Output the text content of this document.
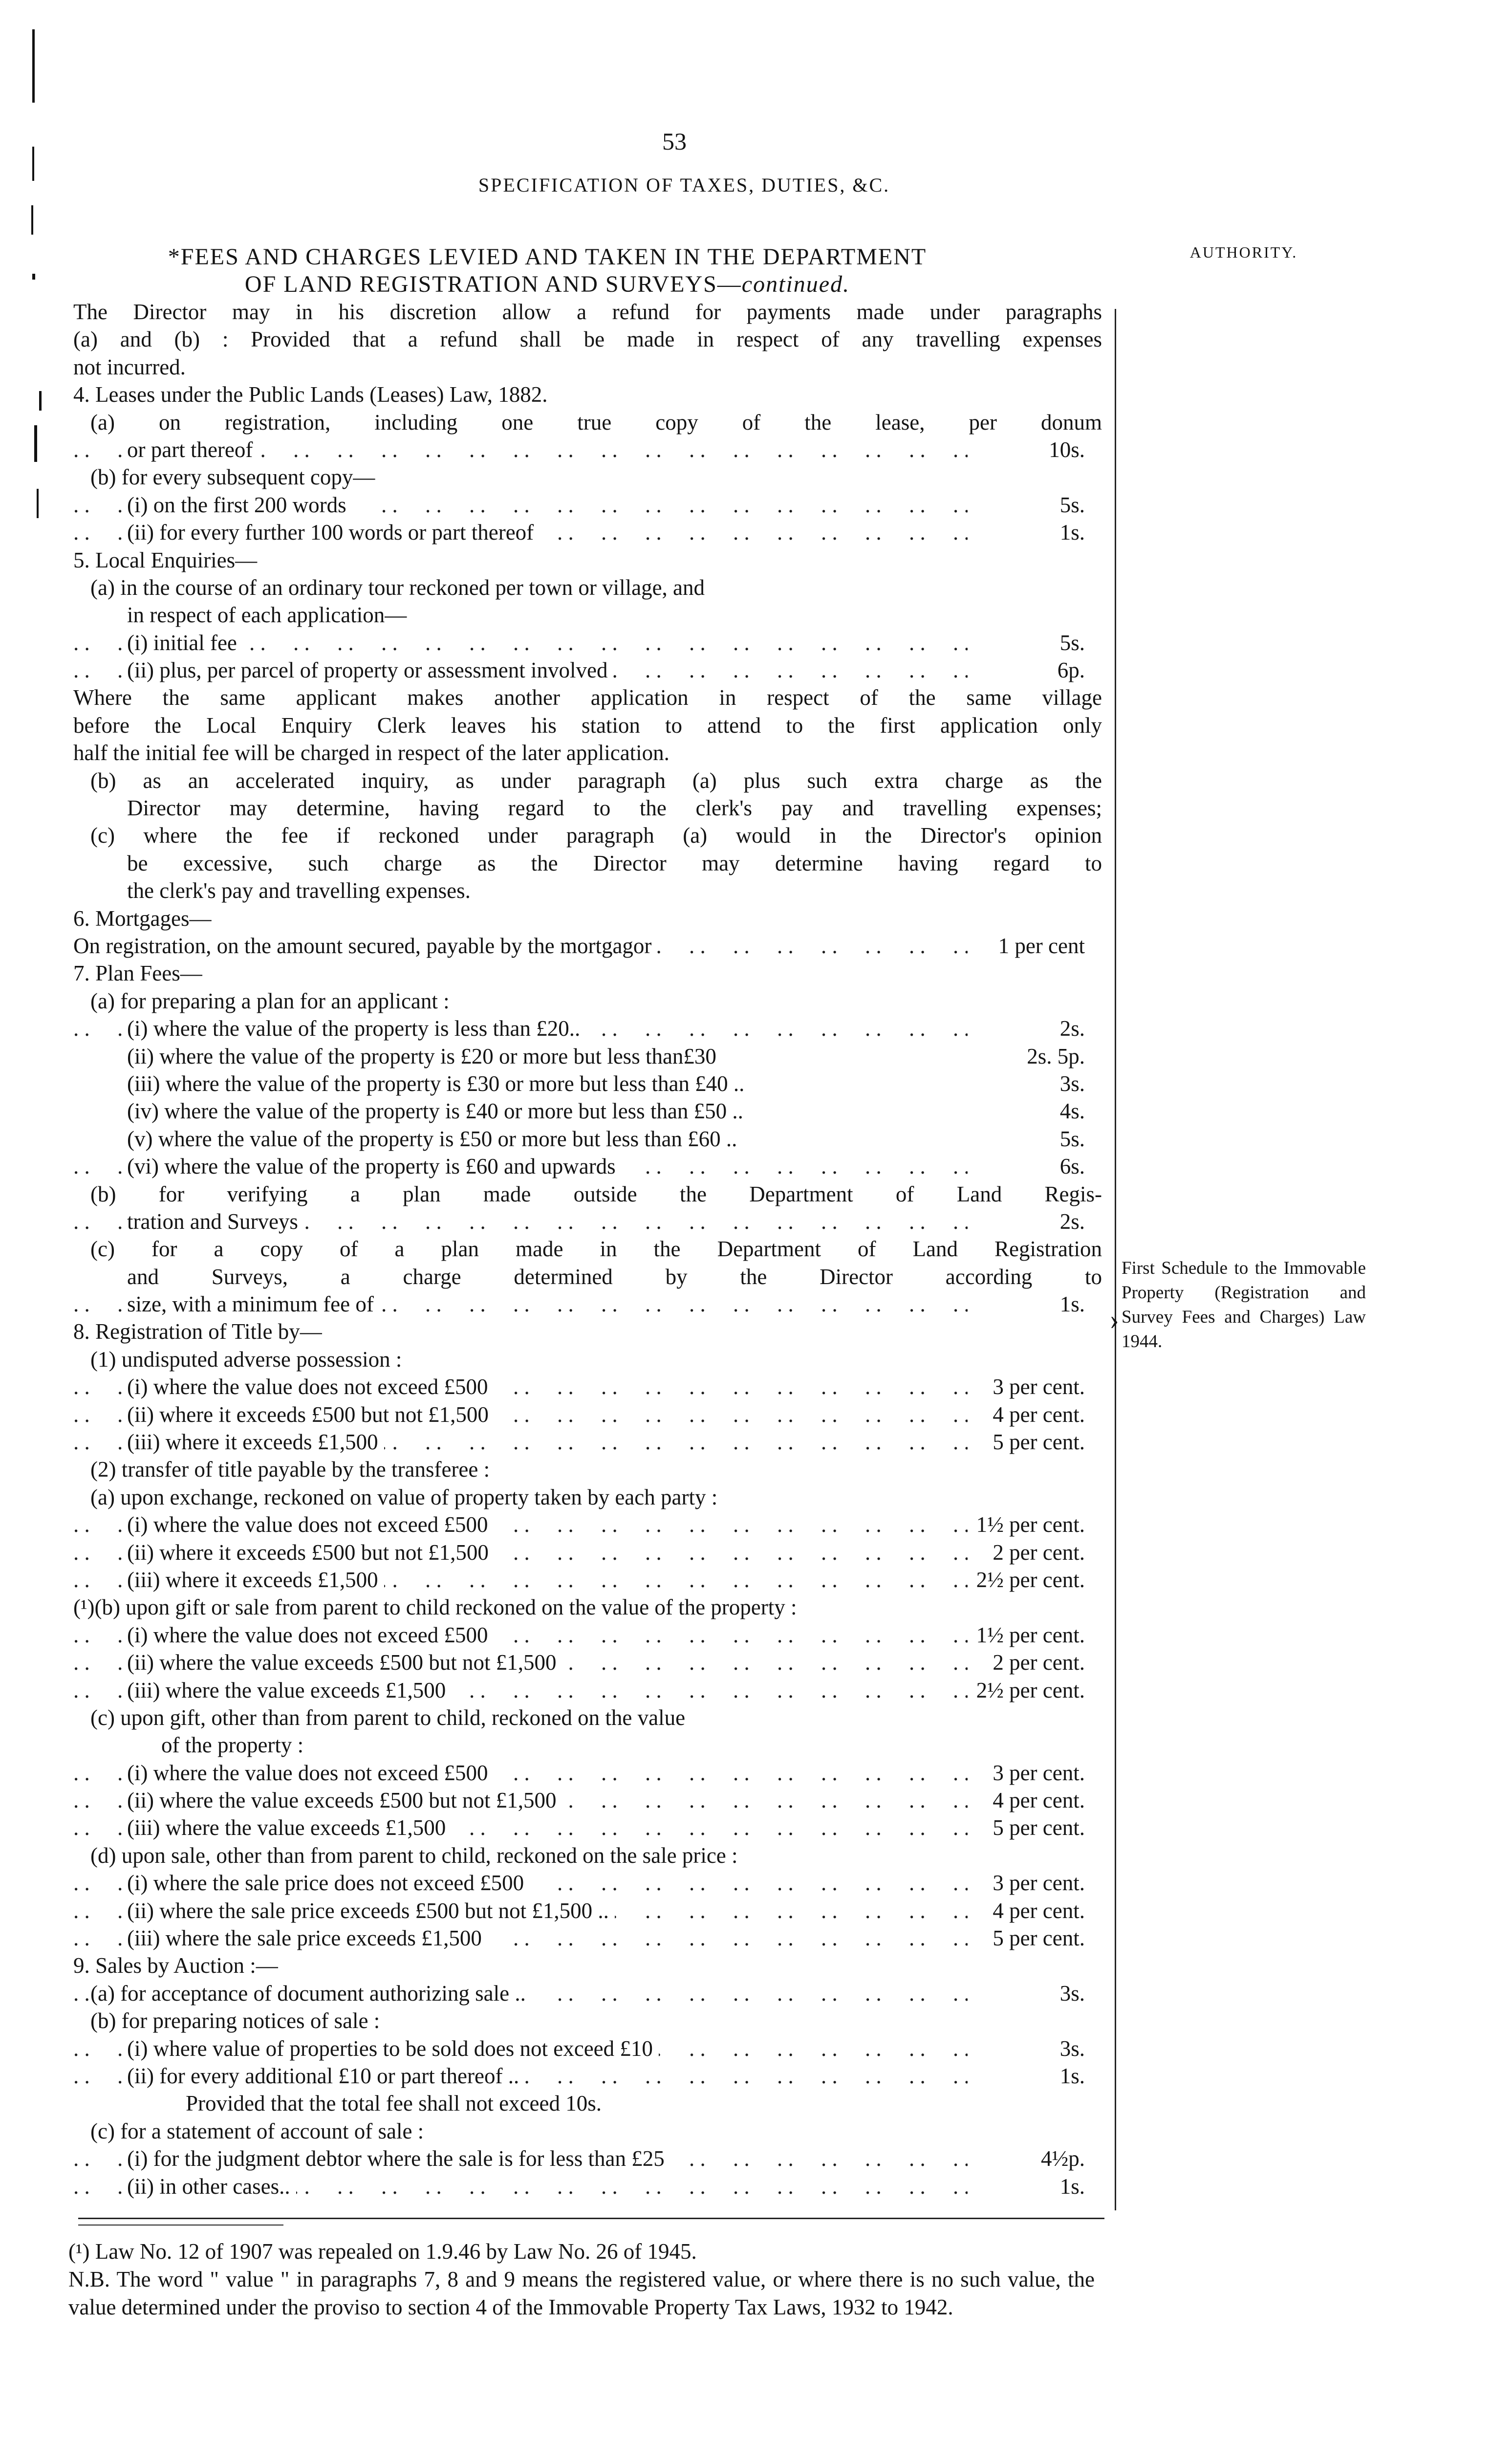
53
SPECIFICATION OF TAXES, DUTIES, &C.
*FEES AND CHARGES LEVIED AND TAKEN IN THE DEPARTMENT
OF LAND REGISTRATION AND SURVEYS—continued.
AUTHORITY.
The Director may in his discretion allow a refund for payments made under paragraphs
(a) and (b) : Provided that a refund shall be made in respect of any travelling expenses
not incurred.
4. Leases under the Public Lands (Leases) Law, 1882.
(a) on registration, including one true copy of the lease, per donum
. .
or part thereof	10s.
(b) for every subsequent copy—
. .
(i) on the first 200 words	5s.
. .
(ii) for every further 100 words or part thereof	1s.
5. Local Enquiries—
(a) in the course of an ordinary tour reckoned per town or village, and
in respect of each application—
. .
(i) initial fee	5s.
. .
(ii) plus, per parcel of property or assessment involved	6p.
Where the same applicant makes another application in respect of the same village
before the Local Enquiry Clerk leaves his station to attend to the first application only
half the initial fee will be charged in respect of the later application.
(b) as an accelerated inquiry, as under paragraph (a) plus such extra charge as the
Director may determine, having regard to the clerk's pay and travelling expenses;
(c) where the fee if reckoned under paragraph (a) would in the Director's opinion
be excessive, such charge as the Director may determine having regard to
the clerk's pay and travelling expenses.
6. Mortgages—
. .
On registration, on the amount secured, payable by the mortgagor	1 per cent
7. Plan Fees—
(a) for preparing a plan for an applicant :
. .
(i) where the value of the property is less than £20..	2s.
(ii) where the value of the property is £20 or more but less than£30	2s. 5p.
(iii) where the value of the property is £30 or more but less than £40 ..	3s.
(iv) where the value of the property is £40 or more but less than £50 ..	4s.
(v) where the value of the property is £50 or more but less than £60 ..	5s.
. .
(vi) where the value of the property is £60 and upwards	6s.
(b) for verifying a plan made outside the Department of Land Regis-
. .
tration and Surveys	2s.
(c) for a copy of a plan made in the Department of Land Registration
and Surveys, a charge determined by the Director according to
. .
size, with a minimum fee of	1s.
8. Registration of Title by—
(1) undisputed adverse possession :
. .
(i) where the value does not exceed £500	3 per cent.
. .
(ii) where it exceeds £500 but not £1,500	4 per cent.
. .
(iii) where it exceeds £1,500	5 per cent.
(2) transfer of title payable by the transferee :
(a) upon exchange, reckoned on value of property taken by each party :
. .
(i) where the value does not exceed £500	1½ per cent.
. .
(ii) where it exceeds £500 but not £1,500	2 per cent.
. .
(iii) where it exceeds £1,500	2½ per cent.
(¹)(b) upon gift or sale from parent to child reckoned on the value of the property :
. .
(i) where the value does not exceed £500	1½ per cent.
. .
(ii) where the value exceeds £500 but not £1,500	2 per cent.
. .
(iii) where the value exceeds £1,500	2½ per cent.
(c) upon gift, other than from parent to child, reckoned on the value
of the property :
. .
(i) where the value does not exceed £500	3 per cent.
. .
(ii) where the value exceeds £500 but not £1,500	4 per cent.
. .
(iii) where the value exceeds £1,500	5 per cent.
(d) upon sale, other than from parent to child, reckoned on the sale price :
. .
(i) where the sale price does not exceed £500	3 per cent.
. .
(ii) where the sale price exceeds £500 but not £1,500 ..	4 per cent.
. .
(iii) where the sale price exceeds £1,500	5 per cent.
9. Sales by Auction :—
. .
(a) for acceptance of document authorizing sale ..	3s.
(b) for preparing notices of sale :
. .
(i) where value of properties to be sold does not exceed £10	3s.
. .
(ii) for every additional £10 or part thereof ..	1s.
Provided that the total fee shall not exceed 10s.
(c) for a statement of account of sale :
. .
(i) for the judgment debtor where the sale is for less than £25	4½p.
. .
(ii) in other cases..	1s.
›
First Schedule to the Immovable Property (Registration and Survey Fees and Charges) Law 1944.

(¹) Law No. 12 of 1907 was repealed on 1.9.46 by Law No. 26 of 1945.

N.B. The word " value " in paragraphs 7, 8 and 9 means the registered value, or where there is no such value, the value determined under the proviso to section 4 of the Immovable Property Tax Laws, 1932 to 1942.
